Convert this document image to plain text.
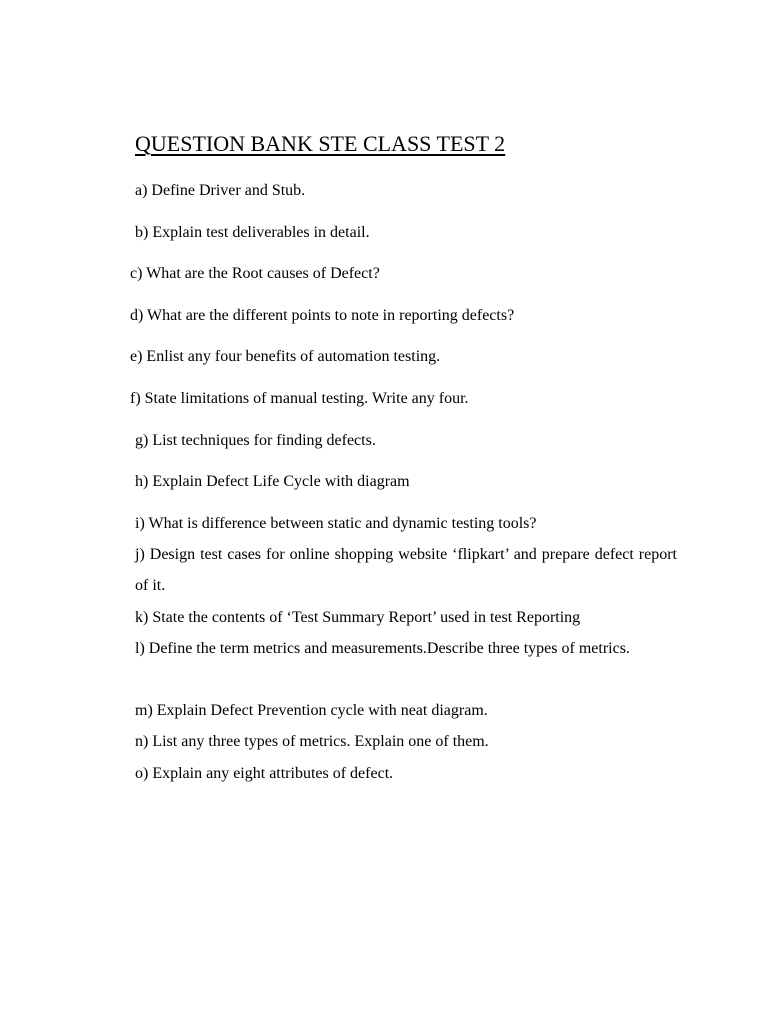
QUESTION BANK STE CLASS TEST 2
a) Define Driver and Stub.
b) Explain test deliverables in detail.
c) What are the Root causes of Defect?
d) What are the different points to note in reporting defects?
e) Enlist any four benefits of automation testing.
f) State limitations of manual testing. Write any four.
g) List techniques for finding defects.
h) Explain Defect Life Cycle with diagram
i) What is difference between static and dynamic testing tools?
j) Design test cases for online shopping website ‘flipkart’ and prepare defect report of it.
k) State the contents of ‘Test Summary Report’ used in test Reporting
l) Define the term metrics and measurements.Describe three types of metrics.
m) Explain Defect Prevention cycle with neat diagram.
n) List any three types of metrics. Explain one of them.
o) Explain any eight attributes of defect.
